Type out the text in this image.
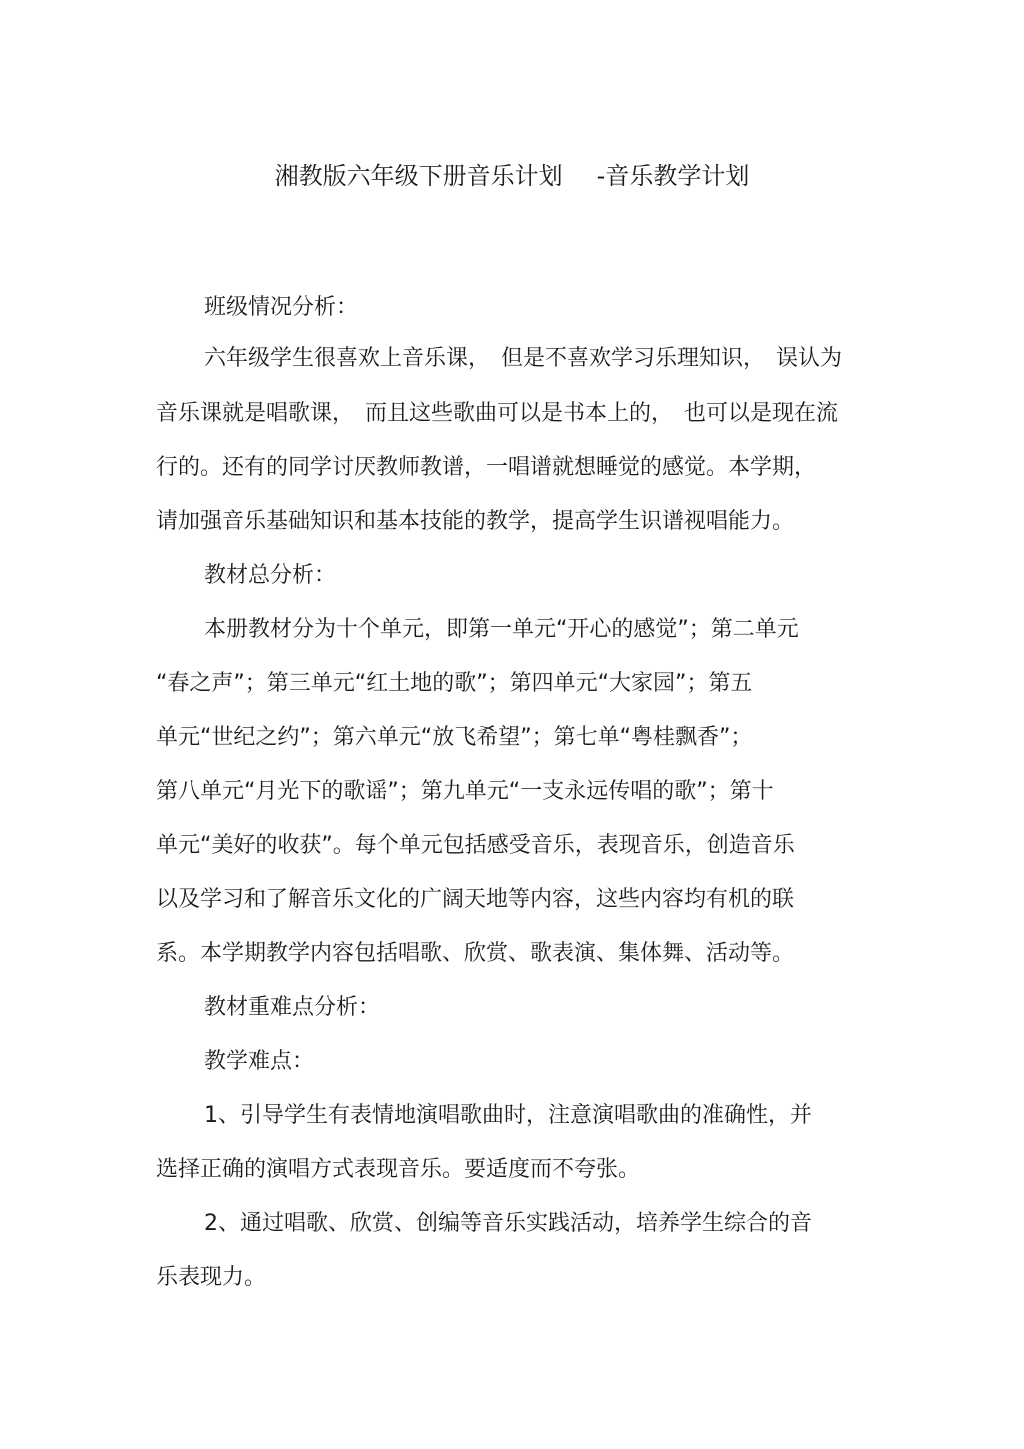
湘教版六年级下册音乐计划 -音乐教学计划
班级情况分析：
六年级学生很喜欢上音乐课，　但是不喜欢学习乐理知识，　误认为
音乐课就是唱歌课，　而且这些歌曲可以是书本上的，　也可以是现在流
行的。还有的同学讨厌教师教谱，一唱谱就想睡觉的感觉。本学期，
请加强音乐基础知识和基本技能的教学，提高学生识谱视唱能力。
教材总分析：
本册教材分为十个单元，即第一单元“开心的感觉”；第二单元
“春之声”；第三单元“红土地的歌”；第四单元“大家园”；第五
单元“世纪之约”；第六单元“放飞希望”；第七单“粤桂飘香”；
第八单元“月光下的歌谣”；第九单元“一支永远传唱的歌”；第十
单元“美好的收获”。每个单元包括感受音乐，表现音乐，创造音乐
以及学习和了解音乐文化的广阔天地等内容，这些内容均有机的联
系。本学期教学内容包括唱歌、欣赏、歌表演、集体舞、活动等。
教材重难点分析：
教学难点：
1、引导学生有表情地演唱歌曲时，注意演唱歌曲的准确性，并
选择正确的演唱方式表现音乐。要适度而不夸张。
2、通过唱歌、欣赏、创编等音乐实践活动，培养学生综合的音
乐表现力。
